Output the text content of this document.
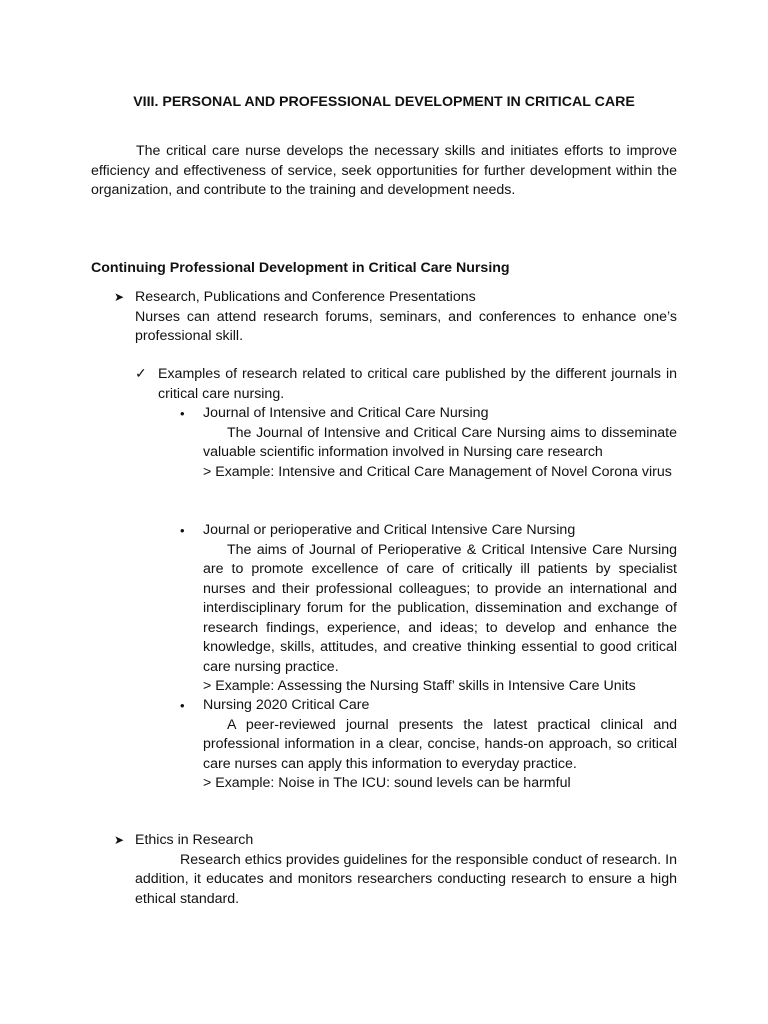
VIII. PERSONAL AND PROFESSIONAL DEVELOPMENT IN CRITICAL CARE
The critical care nurse develops the necessary skills and initiates efforts to improve efficiency and effectiveness of service, seek opportunities for further development within the organization, and contribute to the training and development needs.
Continuing Professional Development in Critical Care Nursing
➤ Research, Publications and Conference Presentations
Nurses can attend research forums, seminars, and conferences to enhance one’s professional skill.
✓ Examples of research related to critical care published by the different journals in critical care nursing.
• Journal of Intensive and Critical Care Nursing
The Journal of Intensive and Critical Care Nursing aims to disseminate valuable scientific information involved in Nursing care research
> Example: Intensive and Critical Care Management of Novel Corona virus
• Journal or perioperative and Critical Intensive Care Nursing
The aims of Journal of Perioperative & Critical Intensive Care Nursing are to promote excellence of care of critically ill patients by specialist nurses and their professional colleagues; to provide an international and interdisciplinary forum for the publication, dissemination and exchange of research findings, experience, and ideas; to develop and enhance the knowledge, skills, attitudes, and creative thinking essential to good critical care nursing practice.
> Example: Assessing the Nursing Staff’ skills in Intensive Care Units
• Nursing 2020 Critical Care
A peer-reviewed journal presents the latest practical clinical and professional information in a clear, concise, hands-on approach, so critical care nurses can apply this information to everyday practice.
> Example: Noise in The ICU: sound levels can be harmful
➤ Ethics in Research
Research ethics provides guidelines for the responsible conduct of research. In addition, it educates and monitors researchers conducting research to ensure a high ethical standard.
